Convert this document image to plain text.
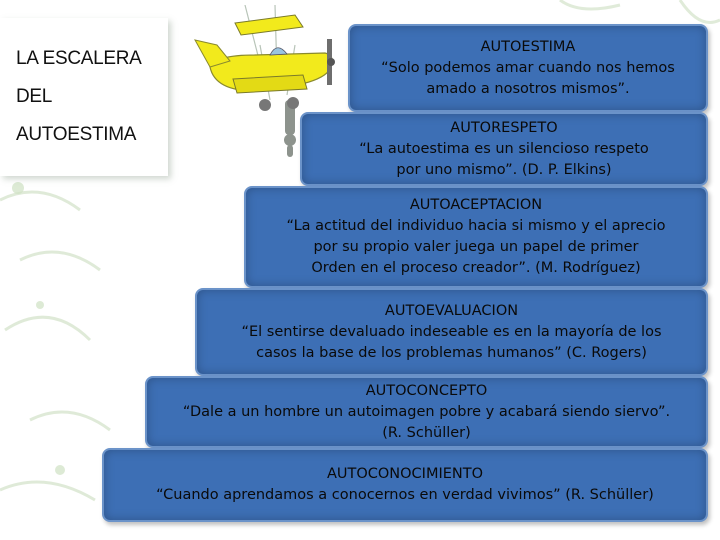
LA ESCALERA
DEL
AUTOESTIMA
AUTOESTIMA
“Solo podemos amar cuando nos hemos
amado a nosotros mismos”.
AUTORESPETO
“La autoestima es un silencioso respeto
por uno mismo”. (D. P. Elkins)
AUTOACEPTACION
“La actitud del individuo hacia si mismo y el aprecio
por su propio valer juega un papel de primer
Orden en el proceso creador”. (M. Rodríguez)
AUTOEVALUACION
“El sentirse devaluado indeseable es en la mayoría de los
casos la base de los problemas humanos” (C. Rogers)
AUTOCONCEPTO
“Dale a un hombre un autoimagen pobre y acabará siendo siervo”.
(R. Schüller)
AUTOCONOCIMIENTO
“Cuando aprendamos a conocernos en verdad vivimos” (R. Schüller)
